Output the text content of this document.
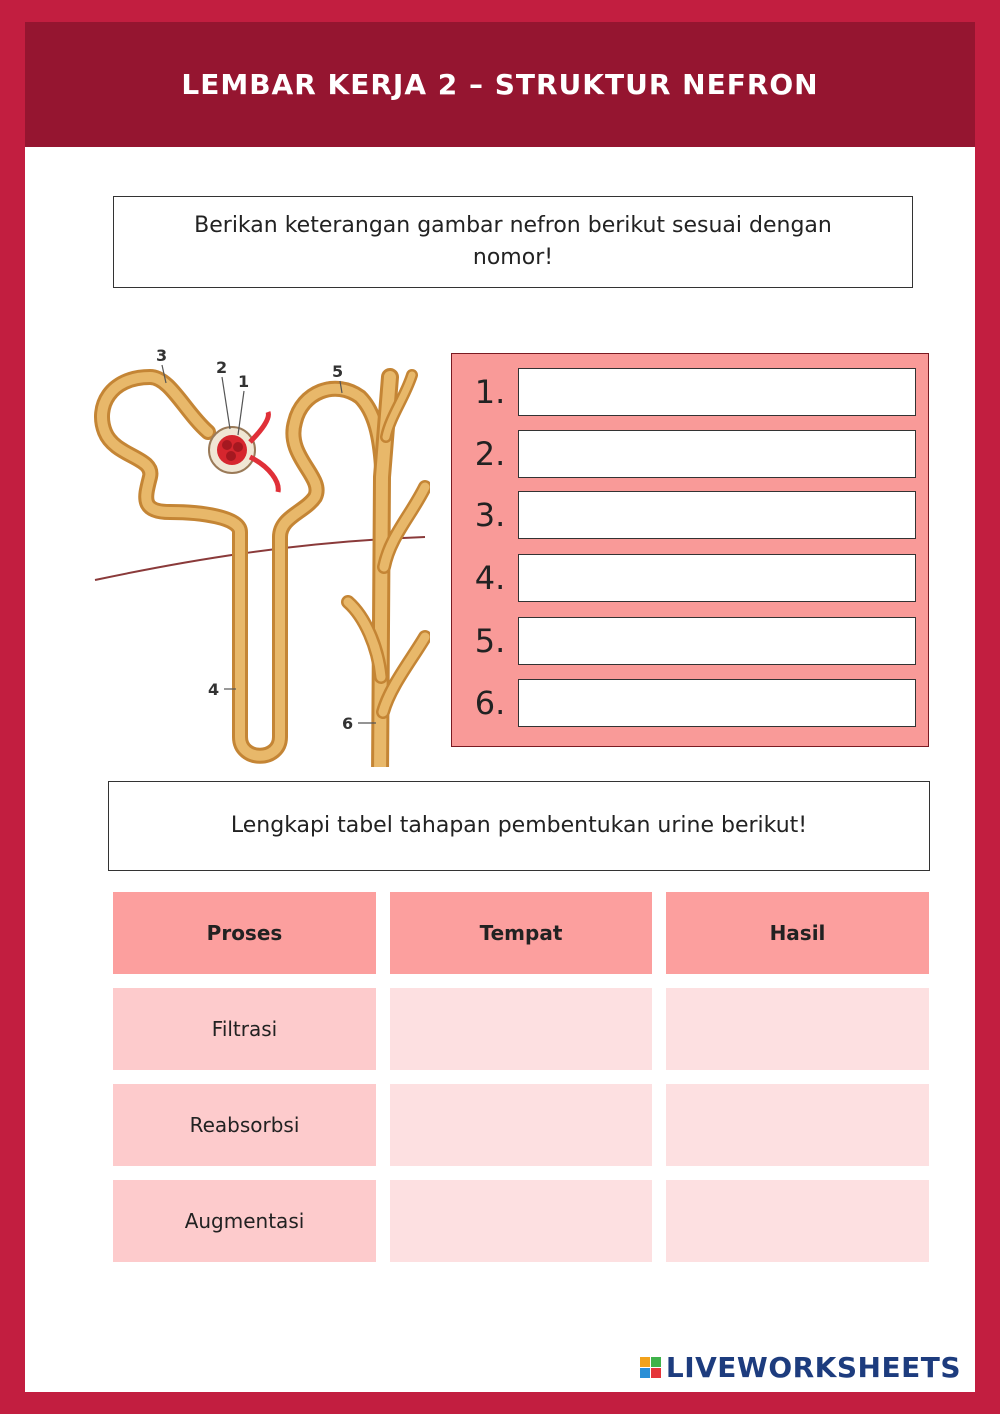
LEMBAR KERJA 2 – STRUKTUR NEFRON
Berikan keterangan gambar nefron berikut sesuai dengan nomor!
3
2
1
5
4
6
1.
2.
3.
4.
5.
6.
Lengkapi tabel tahapan pembentukan urine berikut!
Proses	Tempat	Hasil
Filtrasi
Reabsorbsi
Augmentasi
LIVEWORKSHEETS
